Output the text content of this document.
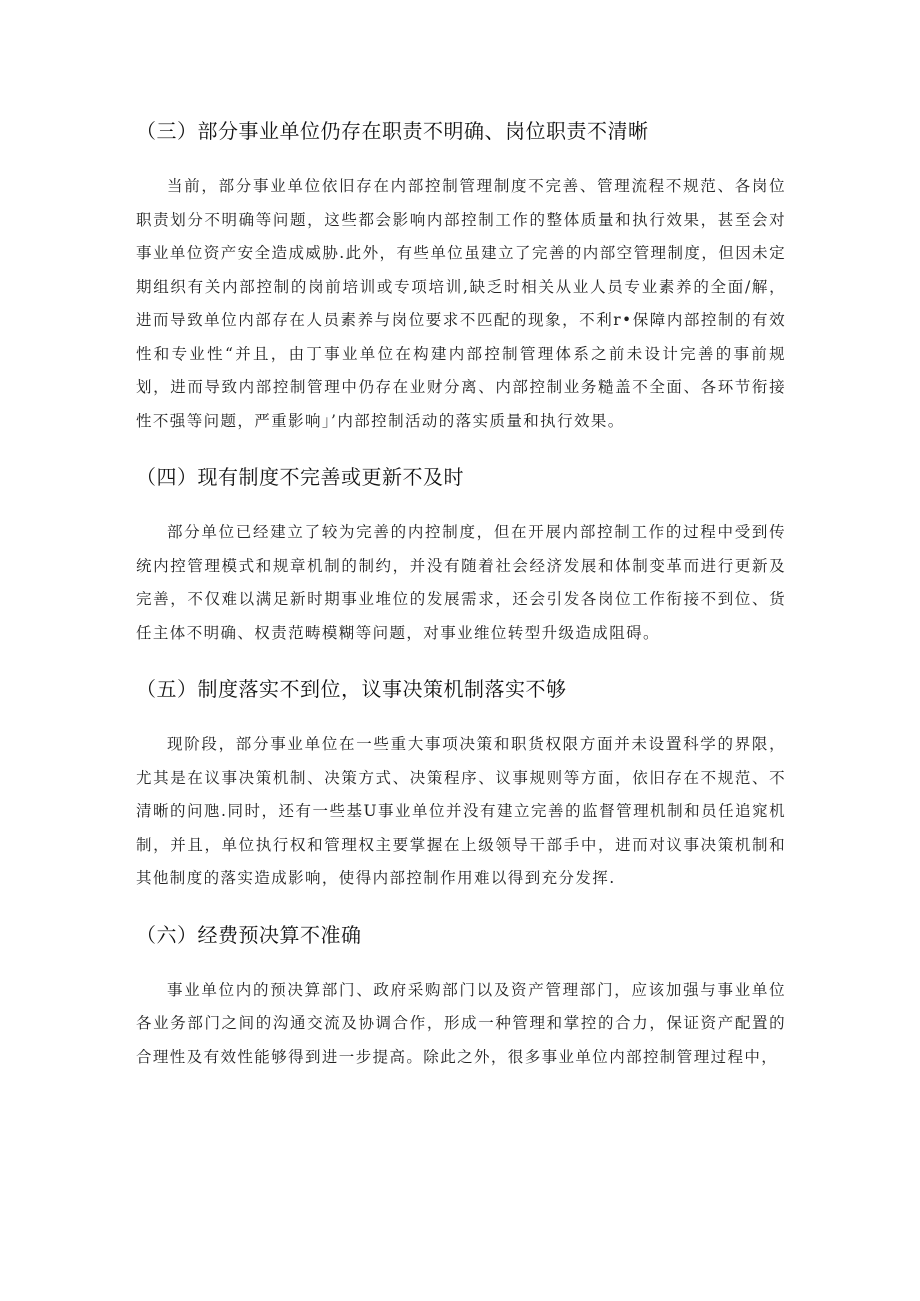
（三）部分事业单位仍存在职责不明确、岗位职责不清晰

当前，部分事业单位依旧存在内部控制管理制度不完善、管理流程不规范、各岗位职责划分不明确等问题，这些都会影响内部控制工作的整体质量和执行效果，甚至会对事业单位资产安全造成威胁.此外，有些单位虽建立了完善的内部空管理制度，但因未定期组织有关内部控制的岗前培训或专项培训,缺乏时相关从业人员专业素养的全面/解，进而导致单位内部存在人员素养与岗位要求不匹配的现象，不利r•保障内部控制的有效性和专业性“并且，由丁事业单位在构建内部控制管理体系之前未设计完善的事前规划，进而导致内部控制管理中仍存在业财分离、内部控制业务糙盖不全面、各环节衔接性不强等问题，严重影响」’内部控制活动的落实质量和执行效果。

（四）现有制度不完善或更新不及时

部分单位已经建立了较为完善的内控制度，但在开展内部控制工作的过程中受到传统内控管理模式和规章机制的制约，并没有随着社会经济发展和体制变革而进行更新及完善，不仅难以满足新时期事业堆位的发展需求，还会引发各岗位工作衔接不到位、货任主体不明确、权责范畴模糊等问题，对事业维位转型升级造成阻碍。

（五）制度落实不到位，议事决策机制落实不够

现阶段，部分事业单位在一些重大事项决策和职货权限方面并未设置科学的界限，尤其是在议事决策机制、决策方式、决策程序、议事规则等方面，依旧存在不规范、不清晰的问虺.同时，还有一些基U事业单位并没有建立完善的监督管理机制和员任追窕机制，并且，单位执行权和管理权主要掌握在上级领导干部手中，进而对议事决策机制和其他制度的落实造成影响，使得内部控制作用难以得到充分发挥.

（六）经费预决算不准确

事业单位内的预决算部门、政府采购部门以及资产管理部门，应该加强与事业单位各业务部门之间的沟通交流及协调合作，形成一种管理和掌控的合力，保证资产配置的合理性及有效性能够得到进一步提高。除此之外，很多事业单位内部控制管理过程中，
